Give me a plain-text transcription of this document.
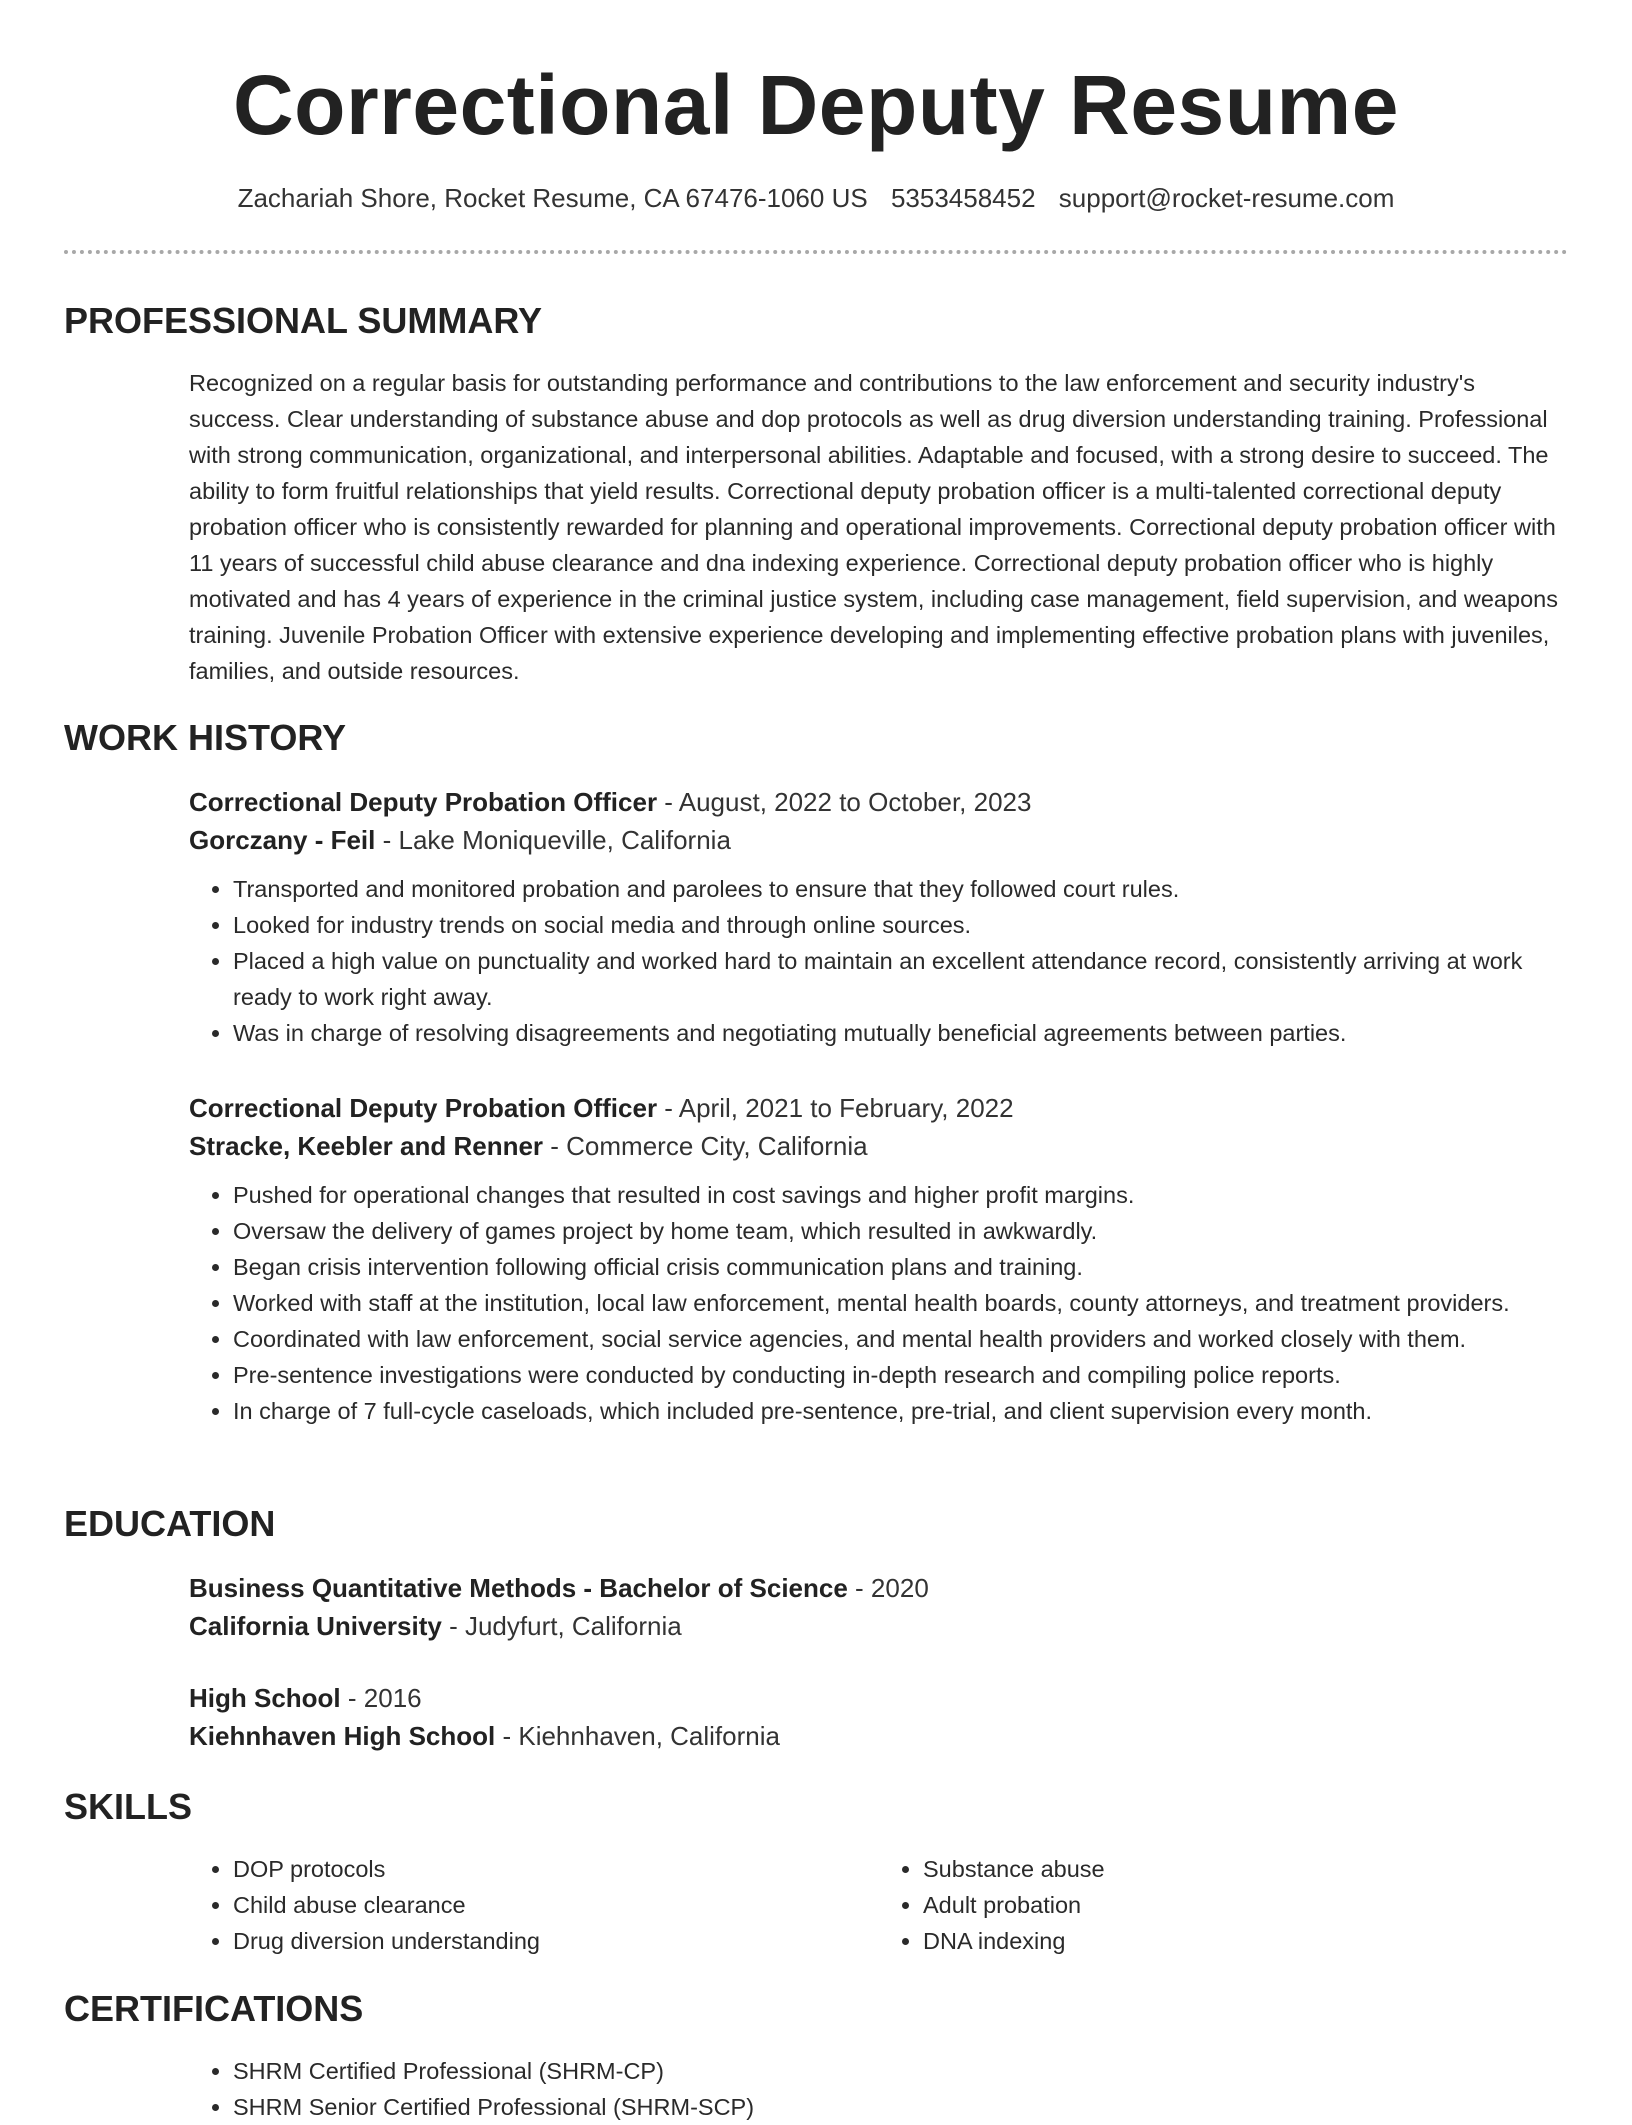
Correctional Deputy Resume
Zachariah Shore, Rocket Resume, CA 67476-1060 US 5353458452 support@rocket-resume.com
PROFESSIONAL SUMMARY

Recognized on a regular basis for outstanding performance and contributions to the law enforcement and security industry's success. Clear understanding of substance abuse and dop protocols as well as drug diversion understanding training. Professional with strong communication, organizational, and interpersonal abilities. Adaptable and focused, with a strong desire to succeed. The ability to form fruitful relationships that yield results. Correctional deputy probation officer is a multi-talented correctional deputy probation officer who is consistently rewarded for planning and operational improvements. Correctional deputy probation officer with 11 years of successful child abuse clearance and dna indexing experience. Correctional deputy probation officer who is highly motivated and has 4 years of experience in the criminal justice system, including case management, field supervision, and weapons training. Juvenile Probation Officer with extensive experience developing and implementing effective probation plans with juveniles, families, and outside resources.

WORK HISTORY
Correctional Deputy Probation Officer - August, 2022 to October, 2023
Gorczany - Feil - Lake Moniqueville, California
• Transported and monitored probation and parolees to ensure that they followed court rules.
• Looked for industry trends on social media and through online sources.
• Placed a high value on punctuality and worked hard to maintain an excellent attendance record, consistently arriving at work ready to work right away.
• Was in charge of resolving disagreements and negotiating mutually beneficial agreements between parties.
Correctional Deputy Probation Officer - April, 2021 to February, 2022
Stracke, Keebler and Renner - Commerce City, California
• Pushed for operational changes that resulted in cost savings and higher profit margins.
• Oversaw the delivery of games project by home team, which resulted in awkwardly.
• Began crisis intervention following official crisis communication plans and training.
• Worked with staff at the institution, local law enforcement, mental health boards, county attorneys, and treatment providers.
• Coordinated with law enforcement, social service agencies, and mental health providers and worked closely with them.
• Pre-sentence investigations were conducted by conducting in-depth research and compiling police reports.
• In charge of 7 full-cycle caseloads, which included pre-sentence, pre-trial, and client supervision every month.
EDUCATION
Business Quantitative Methods - Bachelor of Science - 2020
California University - Judyfurt, California
High School - 2016
Kiehnhaven High School - Kiehnhaven, California
SKILLS
• DOP protocols
• Child abuse clearance
• Drug diversion understanding
• Substance abuse
• Adult probation
• DNA indexing
CERTIFICATIONS
• SHRM Certified Professional (SHRM-CP)
• SHRM Senior Certified Professional (SHRM-SCP)
